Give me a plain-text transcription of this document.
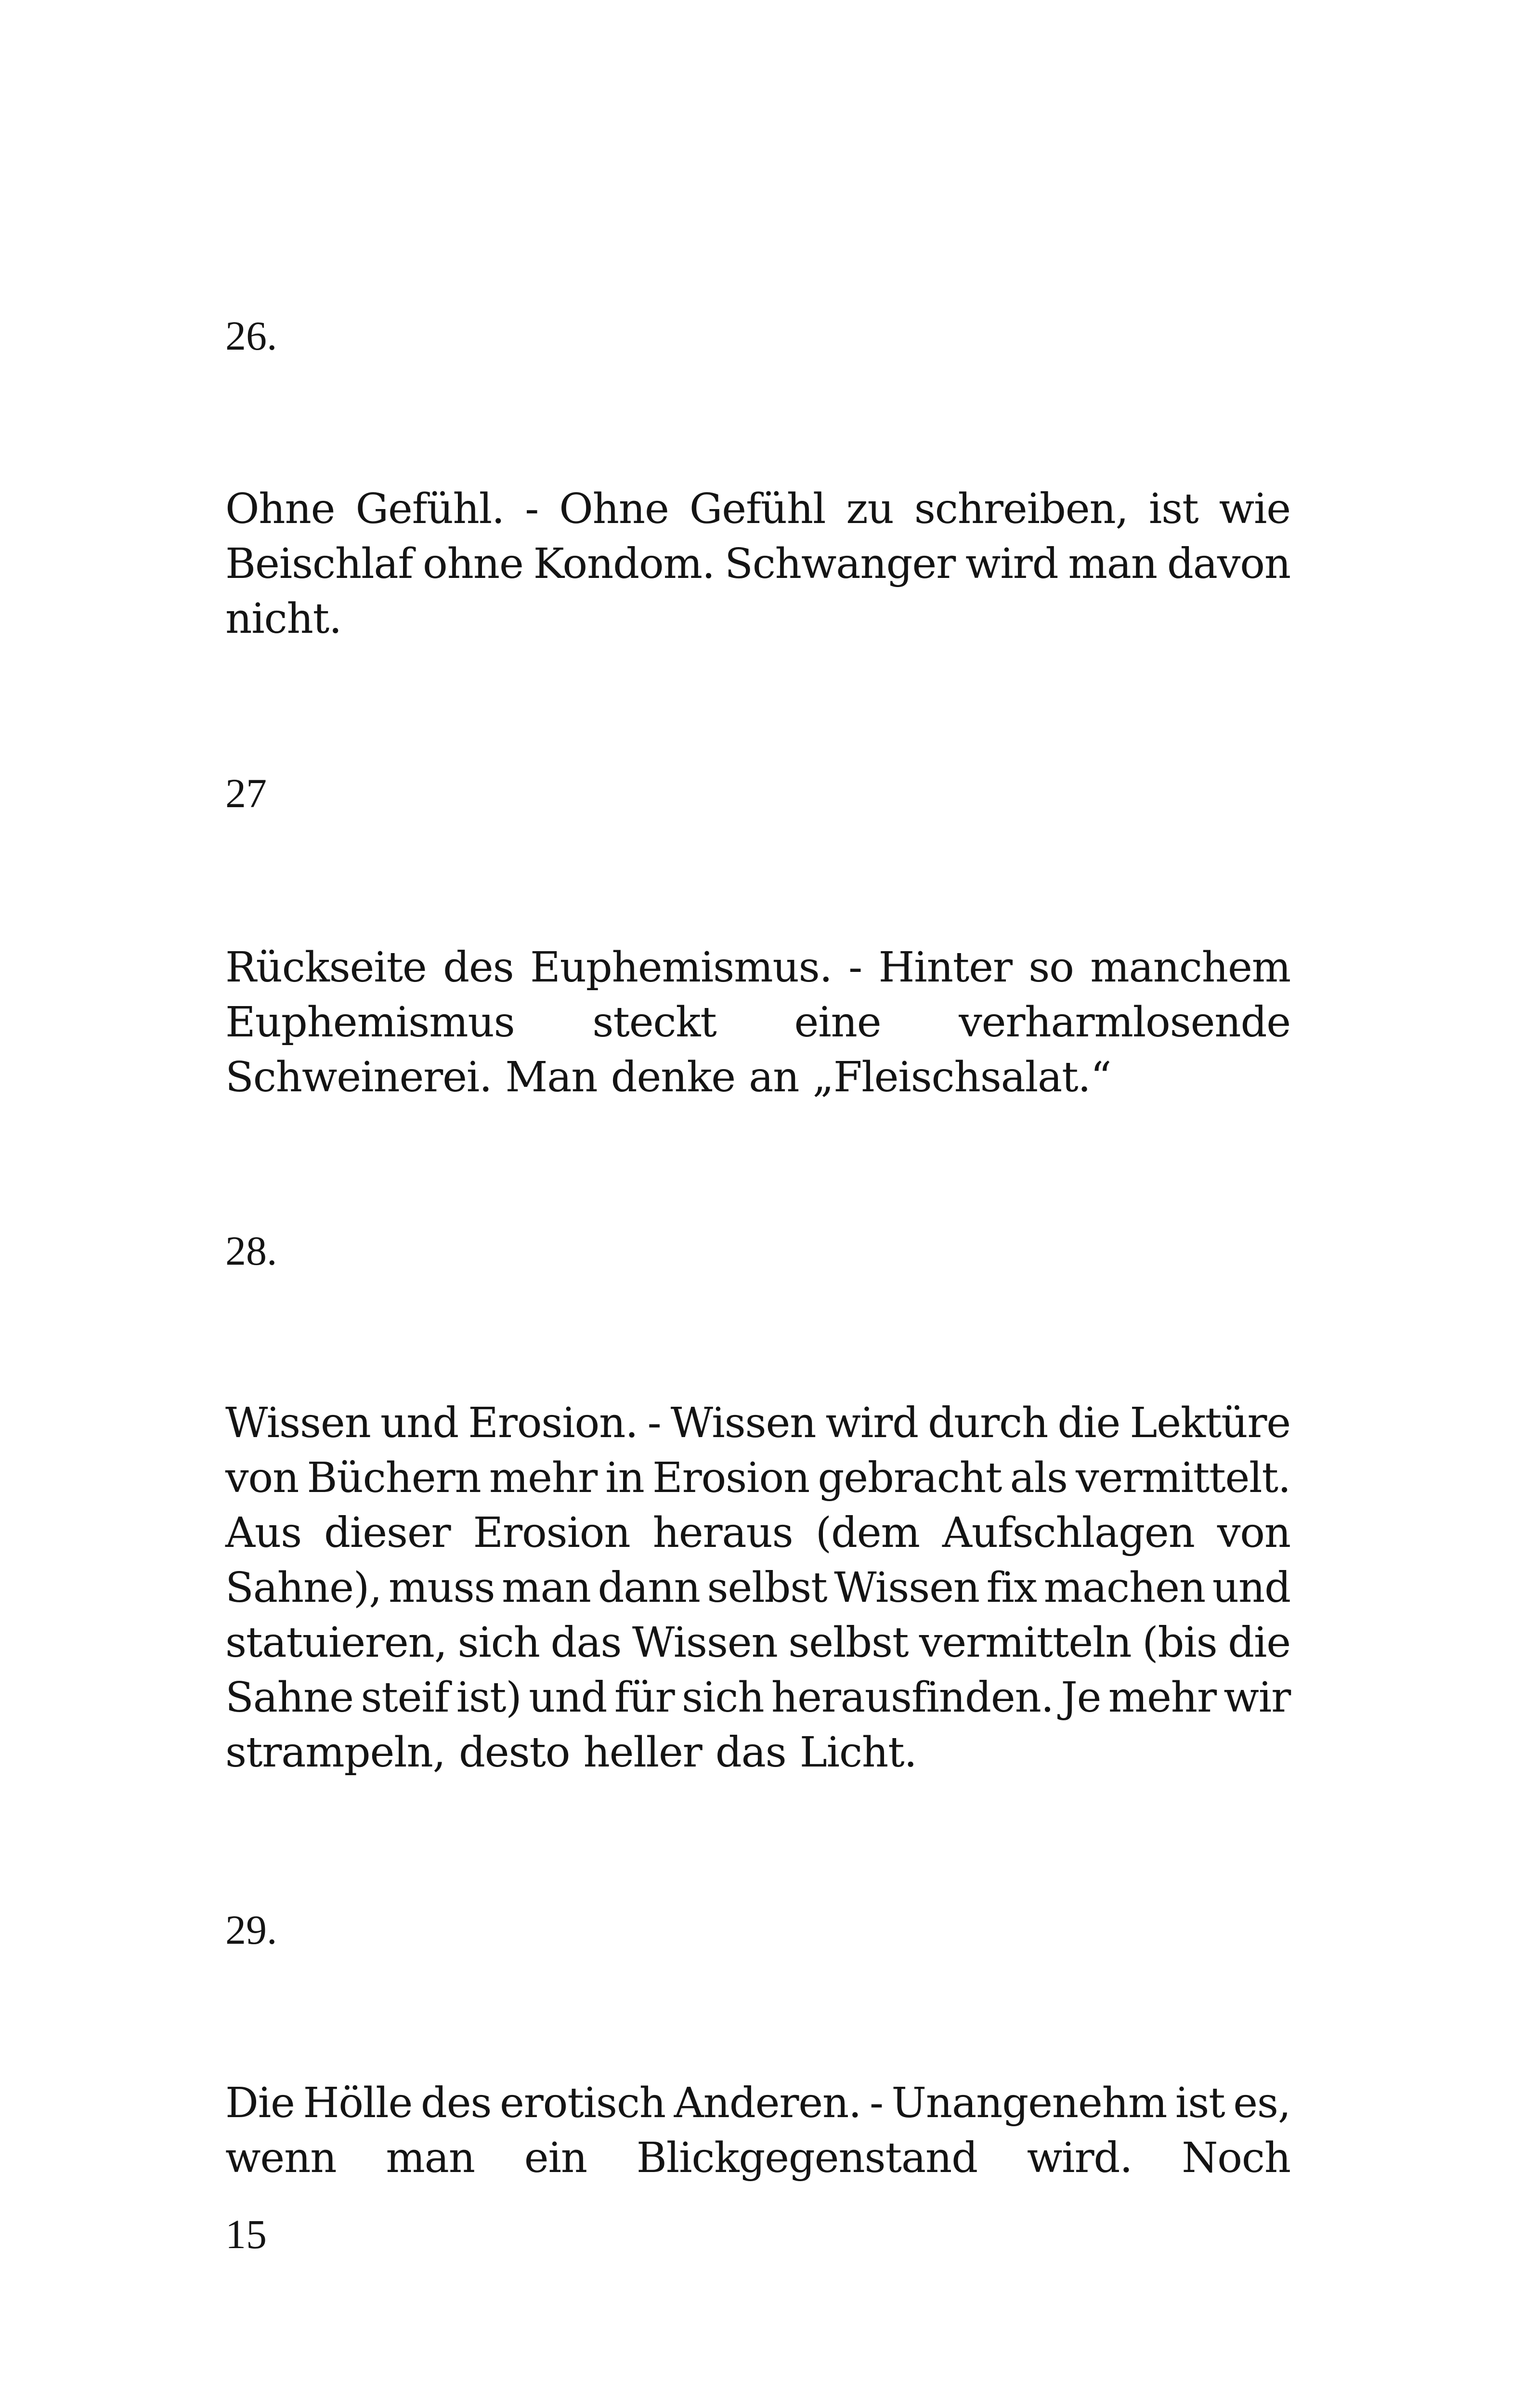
26.

Ohne Gefühl. - Ohne Gefühl zu schreiben, ist wie
Beischlaf ohne Kondom. Schwanger wird man davon
nicht.

27

Rückseite des Euphemismus. - Hinter so manchem
Euphemismus steckt eine verharmlosende
Schweinerei. Man denke an „Fleischsalat.“

28.

Wissen und Erosion. - Wissen wird durch die Lektüre
von Büchern mehr in Erosion gebracht als vermittelt.
Aus dieser Erosion heraus (dem Aufschlagen von
Sahne), muss man dann selbst Wissen fix machen und
statuieren, sich das Wissen selbst vermitteln (bis die
Sahne steif ist) und für sich herausfinden. Je mehr wir
strampeln, desto heller das Licht.

29.

Die Hölle des erotisch Anderen. - Unangenehm ist es,
wenn man ein Blickgegenstand wird. Noch

15
